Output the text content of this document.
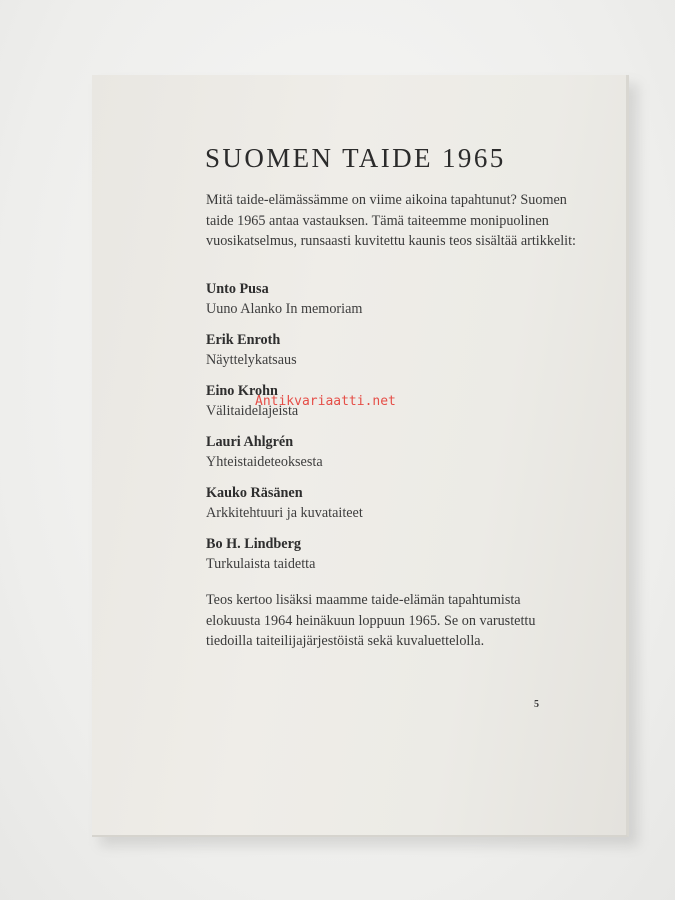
SUOMEN TAIDE 1965

Mitä taide-elämässämme on viime aikoina tapahtunut? Suomen taide 1965 antaa vastauksen. Tämä taiteemme monipuolinen vuosikatselmus, runsaasti kuvitettu kaunis teos sisältää artikkelit:

Unto Pusa
Uuno Alanko In memoriam
Erik Enroth
Näyttelykatsaus
Eino Krohn
Välitaidelajeista
Lauri Ahlgrén
Yhteistaideteoksesta
Kauko Räsänen
Arkkitehtuuri ja kuvataiteet
Bo H. Lindberg
Turkulaista taidetta

Teos kertoo lisäksi maamme taide-elämän tapahtumista elokuusta 1964 heinäkuun loppuun 1965. Se on varustettu tiedoilla taiteilijajärjestöistä sekä kuvaluettelolla.

5
Antikvariaatti.net
